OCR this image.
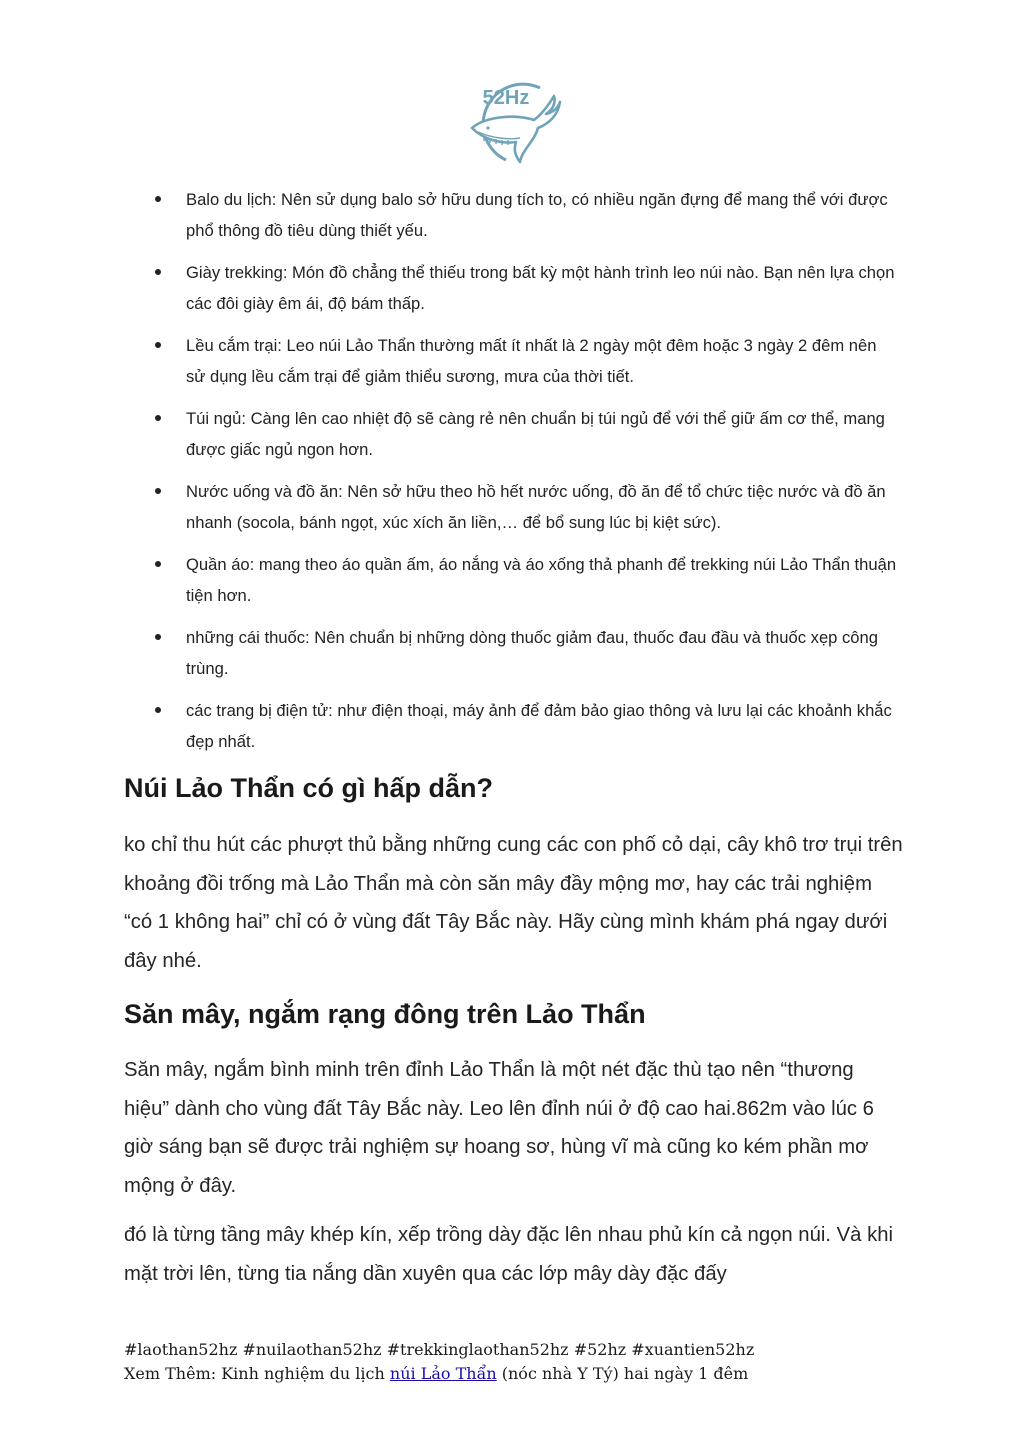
52Hz
Balo du lịch: Nên sử dụng balo sở hữu dung tích to, có nhiều ngăn đựng để mang thể với được phổ thông đồ tiêu dùng thiết yếu.
Giày trekking: Món đồ chẳng thể thiếu trong bất kỳ một hành trình leo núi nào. Bạn nên lựa chọn các đôi giày êm ái, độ bám thấp.
Lều cắm trại: Leo núi Lảo Thẩn thường mất ít nhất là 2 ngày một đêm hoặc 3 ngày 2 đêm nên sử dụng lều cắm trại để giảm thiểu sương, mưa của thời tiết.
Túi ngủ: Càng lên cao nhiệt độ sẽ càng rẻ nên chuẩn bị túi ngủ để với thể giữ ấm cơ thể, mang được giấc ngủ ngon hơn.
Nước uống và đồ ăn: Nên sở hữu theo hồ hết nước uống, đồ ăn để tổ chức tiệc nước và đồ ăn nhanh (socola, bánh ngọt, xúc xích ăn liền,… để bổ sung lúc bị kiệt sức).
Quần áo: mang theo áo quần ấm, áo nắng và áo xống thả phanh để trekking núi Lảo Thẩn thuận tiện hơn.
những cái thuốc: Nên chuẩn bị những dòng thuốc giảm đau, thuốc đau đầu và thuốc xẹp công trùng.
các trang bị điện tử: như điện thoại, máy ảnh để đảm bảo giao thông và lưu lại các khoảnh khắc đẹp nhất.
Núi Lảo Thẩn có gì hấp dẫn?

ko chỉ thu hút các phượt thủ bằng những cung các con phố cỏ dại, cây khô trơ trụi trên khoảng đồi trống mà Lảo Thẩn mà còn săn mây đầy mộng mơ, hay các trải nghiệm “có 1 không hai” chỉ có ở vùng đất Tây Bắc này. Hãy cùng mình khám phá ngay dưới đây nhé.

Săn mây, ngắm rạng đông trên Lảo Thẩn

Săn mây, ngắm bình minh trên đỉnh Lảo Thẩn là một nét đặc thù tạo nên “thương hiệu” dành cho vùng đất Tây Bắc này. Leo lên đỉnh núi ở độ cao hai.862m vào lúc 6 giờ sáng bạn sẽ được trải nghiệm sự hoang sơ, hùng vĩ mà cũng ko kém phần mơ mộng ở đây.

đó là từng tầng mây khép kín, xếp trồng dày đặc lên nhau phủ kín cả ngọn núi. Và khi mặt trời lên, từng tia nắng dần xuyên qua các lớp mây dày đặc đấy

#laothan52hz #nuilaothan52hz #trekkinglaothan52hz #52hz #xuantien52hz
Xem Thêm: Kinh nghiệm du lịch núi Lảo Thẩn (nóc nhà Y Tý) hai ngày 1 đêm
